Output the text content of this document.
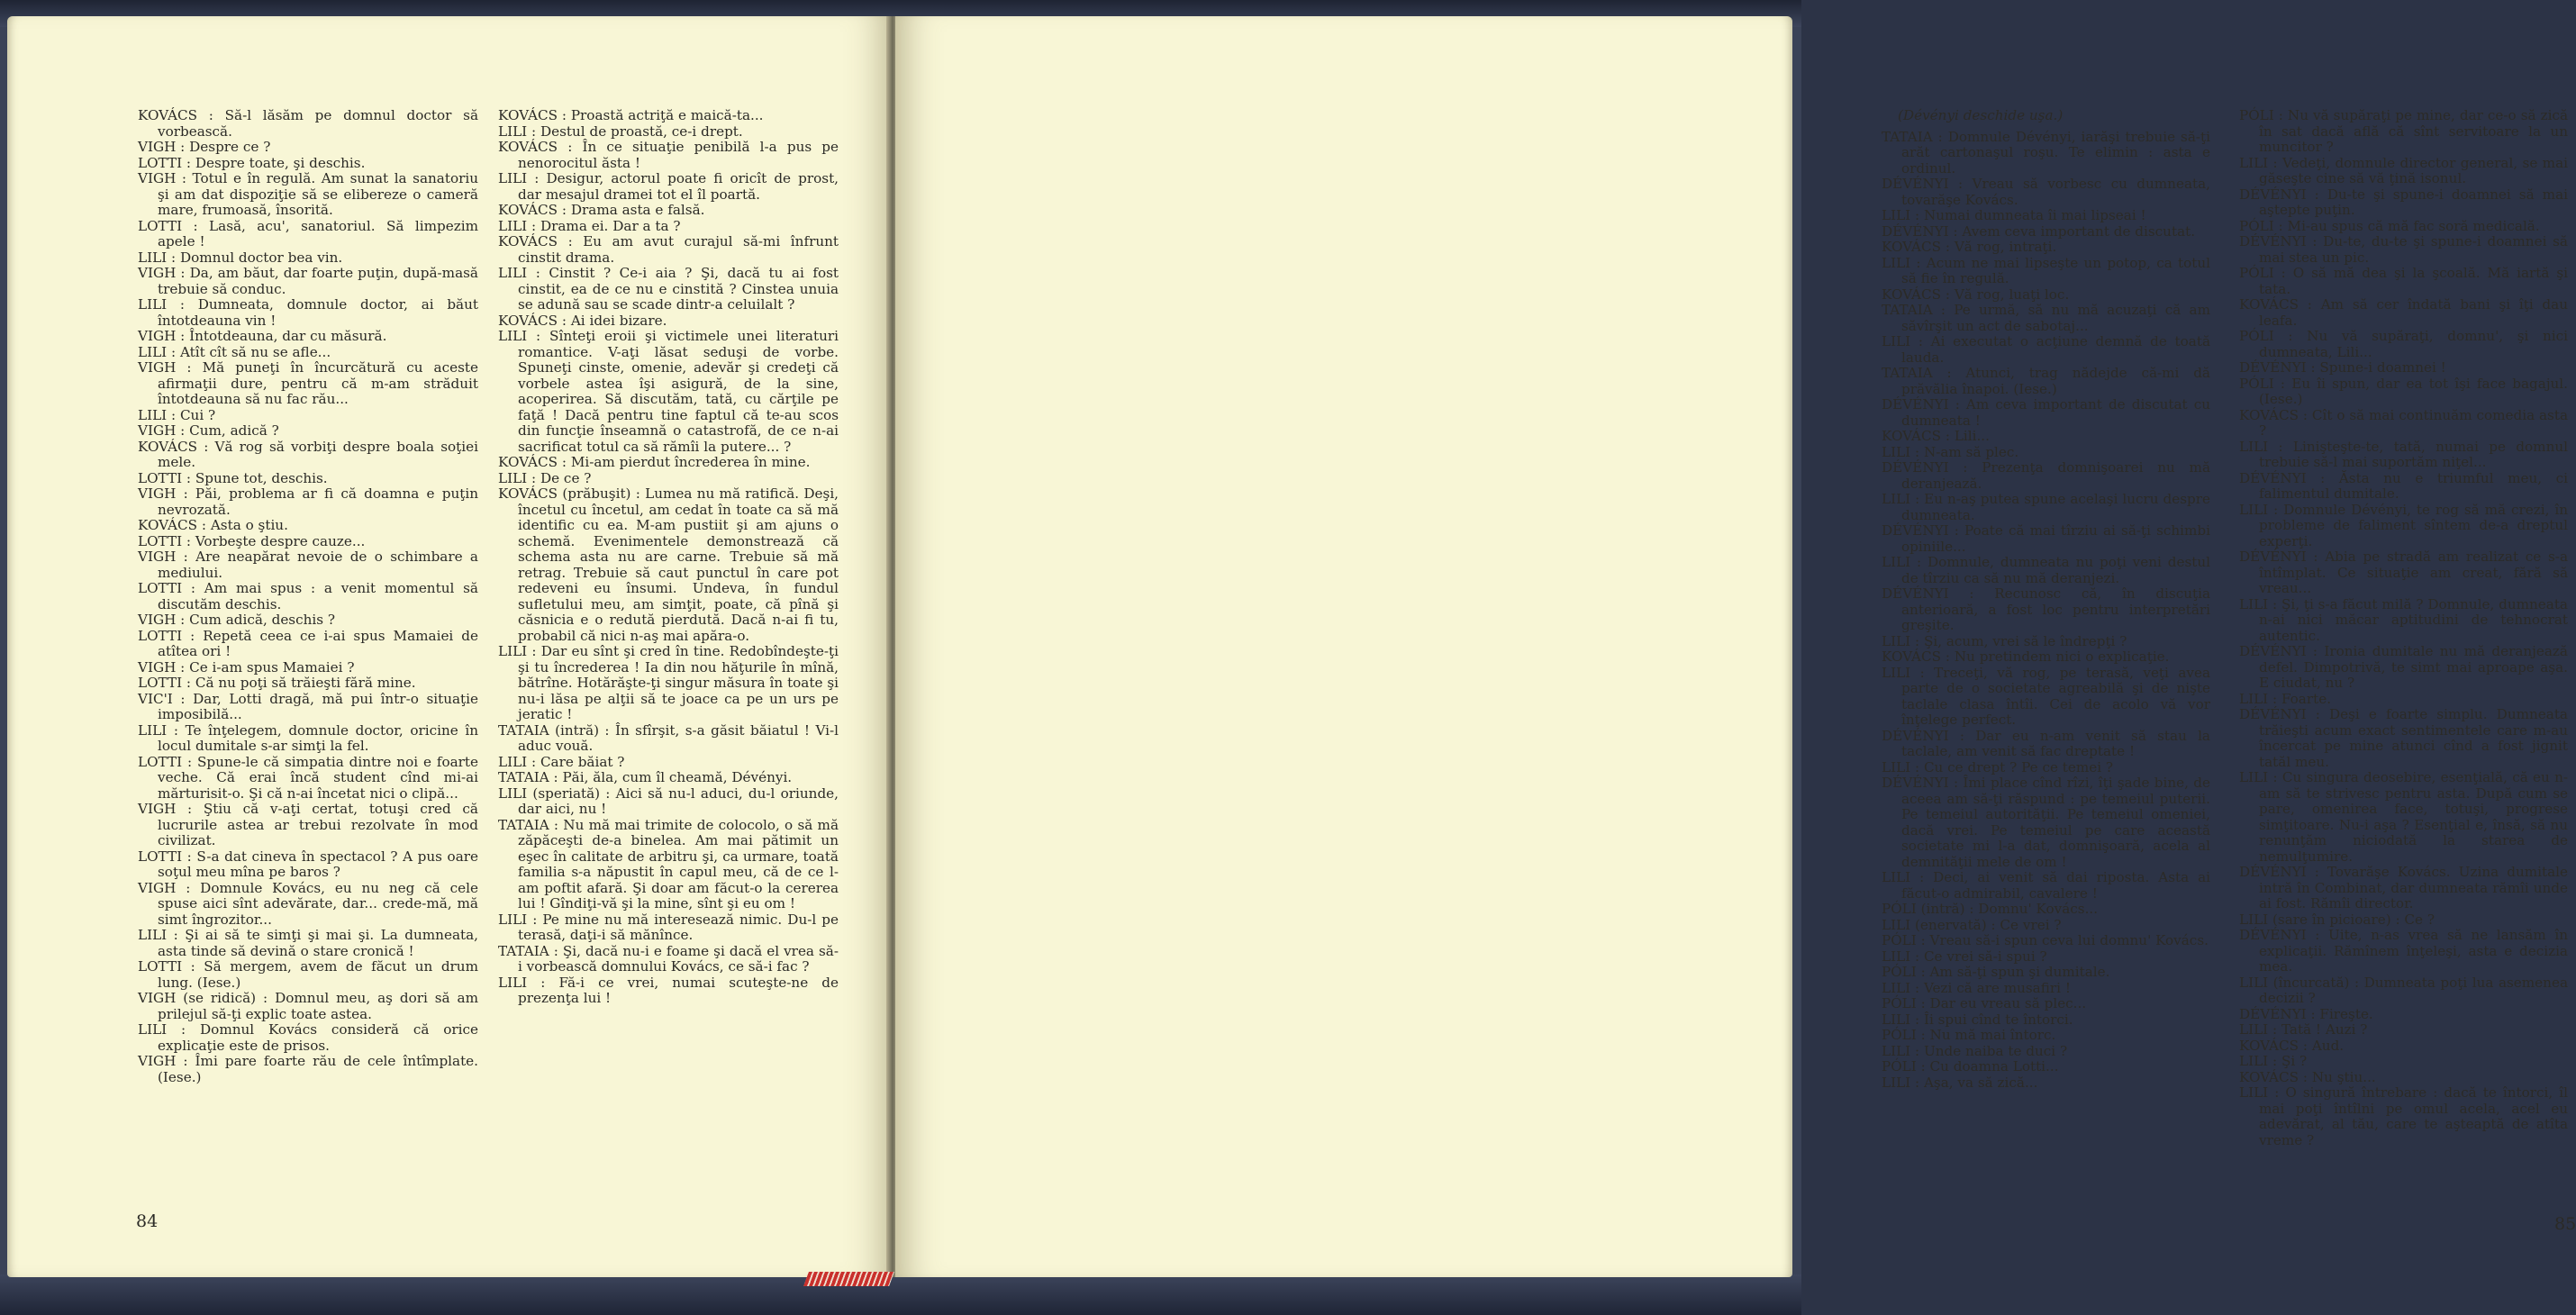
KOVÁCS : Să-l lăsăm pe domnul doctor să vorbească.

VIGH : Despre ce ?

LOTTI : Despre toate, şi deschis.

VIGH : Totul e în regulă. Am sunat la sanatoriu şi am dat dispoziţie să se elibereze o cameră mare, frumoasă, însorită.

LOTTI : Lasă, acu', sanatoriul. Să limpezim apele !

LILI : Domnul doctor bea vin.

VIGH : Da, am băut, dar foarte puţin, după-masă trebuie să conduc.

LILI : Dumneata, domnule doctor, ai băut întotdeauna vin !

VIGH : Întotdeauna, dar cu măsură.

LILI : Atît cît să nu se afle...

VIGH : Mă puneţi în încurcătură cu aceste afirmaţii dure, pentru că m-am străduit întotdeauna să nu fac rău...

LILI : Cui ?

VIGH : Cum, adică ?

KOVÁCS : Vă rog să vorbiţi despre boala soţiei mele.

LOTTI : Spune tot, deschis.

VIGH : Păi, problema ar fi că doamna e puţin nevrozată.

KOVÁCS : Asta o ştiu.

LOTTI : Vorbeşte despre cauze...

VIGH : Are neapărat nevoie de o schimbare a mediului.

LOTTI : Am mai spus : a venit momentul să discutăm deschis.

VIGH : Cum adică, deschis ?

LOTTI : Repetă ceea ce i-ai spus Mamaiei de atîtea ori !

VIGH : Ce i-am spus Mamaiei ?

LOTTI : Că nu poţi să trăieşti fără mine.

VIC'I : Dar, Lotti dragă, mă pui într-o situaţie imposibilă...

LILI : Te înţelegem, domnule doctor, oricine în locul dumitale s-ar simţi la fel.

LOTTI : Spune-le că simpatia dintre noi e foarte veche. Că erai încă student cînd mi-ai mărturisit-o. Şi că n-ai încetat nici o clipă...

VIGH : Ştiu că v-aţi certat, totuşi cred că lucrurile astea ar trebui rezolvate în mod civilizat.

LOTTI : S-a dat cineva în spectacol ? A pus oare soţul meu mîna pe baros ?

VIGH : Domnule Kovács, eu nu neg că cele spuse aici sînt adevărate, dar... crede-mă, mă simt îngrozitor...

LILI : Şi ai să te simţi şi mai şi. La dumneata, asta tinde să devină o stare cronică !

LOTTI : Să mergem, avem de făcut un drum lung. (Iese.)

VIGH (se ridică) : Domnul meu, aş dori să am prilejul să-ţi explic toate astea.

LILI : Domnul Kovács consideră că orice explicaţie este de prisos.

VIGH : Îmi pare foarte rău de cele întîmplate. (Iese.)

KOVÁCS : Proastă actriţă e maică-ta...

LILI : Destul de proastă, ce-i drept.

KOVÁCS : În ce situaţie penibilă l-a pus pe nenorocitul ăsta !

LILI : Desigur, actorul poate fi oricît de prost, dar mesajul dramei tot el îl poartă.

KOVÁCS : Drama asta e falsă.

LILI : Drama ei. Dar a ta ?

KOVÁCS : Eu am avut curajul să-mi înfrunt cinstit drama.

LILI : Cinstit ? Ce-i aia ? Şi, dacă tu ai fost cinstit, ea de ce nu e cinstită ? Cinstea unuia se adună sau se scade dintr-a celuilalt ?

KOVÁCS : Ai idei bizare.

LILI : Sînteţi eroii şi victimele unei literaturi romantice. V-aţi lăsat seduşi de vorbe. Spuneţi cinste, omenie, adevăr şi credeţi că vorbele astea îşi asigură, de la sine, acoperirea. Să discutăm, tată, cu cărţile pe faţă ! Dacă pentru tine faptul că te-au scos din funcţie înseamnă o catastrofă, de ce n-ai sacrificat totul ca să rămîi la putere... ?

KOVÁCS : Mi-am pierdut încrederea în mine.

LILI : De ce ?

KOVÁCS (prăbuşit) : Lumea nu mă ratifică. Deşi, încetul cu încetul, am cedat în toate ca să mă identific cu ea. M-am pustiit şi am ajuns o schemă. Evenimentele demonstrează că schema asta nu are carne. Trebuie să mă retrag. Trebuie să caut punctul în care pot redeveni eu însumi. Undeva, în fundul sufletului meu, am simţit, poate, că pînă şi căsnicia e o redută pierdută. Dacă n-ai fi tu, probabil că nici n-aş mai apăra-o.

LILI : Dar eu sînt şi cred în tine. Redobîndeşte-ţi şi tu încrederea ! Ia din nou hăţurile în mînă, bătrîne. Hotărăşte-ţi singur măsura în toate şi nu-i lăsa pe alţii să te joace ca pe un urs pe jeratic !

TATAIA (intră) : În sfîrşit, s-a găsit băiatul ! Vi-l aduc vouă.

LILI : Care băiat ?

TATAIA : Păi, ăla, cum îl cheamă, Dévényi.

LILI (speriată) : Aici să nu-l aduci, du-l oriunde, dar aici, nu !

TATAIA : Nu mă mai trimite de colocolo, o să mă zăpăceşti de-a binelea. Am mai pătimit un eşec în calitate de arbitru şi, ca urmare, toată familia s-a năpustit în capul meu, că de ce l-am poftit afară. Şi doar am făcut-o la cererea lui ! Gîndiţi-vă şi la mine, sînt şi eu om !

LILI : Pe mine nu mă interesează nimic. Du-l pe terasă, daţi-i să mănînce.

TATAIA : Şi, dacă nu-i e foame şi dacă el vrea să-i vorbească domnului Kovács, ce să-i fac ?

LILI : Fă-i ce vrei, numai scuteşte-ne de prezenţa lui !

84

(Dévényi deschide uşa.)

TATAIA : Domnule Dévényi, iarăşi trebuie să-ţi arăt cartonaşul roşu. Te elimin : asta e ordinul.

DÉVÉNYI : Vreau să vorbesc cu dumneata, tovarăşe Kovács.

LILI : Numai dumneata îi mai lipseai !

DÉVÉNYI : Avem ceva important de discutat.

KOVÁCS : Vă rog, intraţi.

LILI : Acum ne mai lipseşte un potop, ca totul să fie în regulă.

KOVÁCS : Vă rog, luaţi loc.

TATAIA : Pe urmă, să nu mă acuzaţi că am săvîrşit un act de sabotaj...

LILI : Ai executat o acţiune demnă de toată lauda.

TATAIA : Atunci, trag nădejde că-mi dă prăvălia înapoi. (Iese.)

DÉVÉNYI : Am ceva important de discutat cu dumneata !

KOVÁCS : Lili...

LILI : N-am să plec.

DÉVÉNYI : Prezenţa domnişoarei nu mă deranjează.

LILI : Eu n-aş putea spune acelaşi lucru despre dumneata.

DÉVÉNYI : Poate că mai tîrziu ai să-ţi schimbi opiniile...

LILI : Domnule, dumneata nu poţi veni destul de tîrziu ca să nu mă deranjezi.

DÉVÉNYI : Recunosc că, în discuţia anterioară, a fost loc pentru interpretări greşite.

LILI : Şi, acum, vrei să le îndrepţi ?

KOVÁCS : Nu pretindem nici o explicaţie.

LILI : Treceţi, vă rog, pe terasă, veţi avea parte de o societate agreabilă şi de nişte taclale clasa întîi. Cei de acolo vă vor înţelege perfect.

DÉVÉNYI : Dar eu n-am venit să stau la taclale, am venit să fac dreptate !

LILI : Cu ce drept ? Pe ce temei ?

DÉVÉNYI : Îmi place cînd rîzi, îţi şade bine, de aceea am să-ţi răspund : pe temeiul puterii. Pe temeiul autorităţii. Pe temeiul omeniei, dacă vrei. Pe temeiul pe care această societate mi l-a dat, domnişoară, acela al demnităţii mele de om !

LILI : Deci, ai venit să dai riposta. Asta ai făcut-o admirabil, cavalere !

PÓLI (intră) : Domnu' Kovács...

LILI (enervată) : Ce vrei ?

PÓLI : Vreau să-i spun ceva lui domnu' Kovács.

LILI : Ce vrei să-i spui ?

PÓLI : Am să-ţi spun şi dumitale.

LILI : Vezi că are musafiri !

PÓLI : Dar eu vreau să plec...

LILI : Îi spui cînd te întorci.

PÓLI : Nu mă mai întorc.

LILI : Unde naiba te duci ?

PÓLI : Cu doamna Lotti...

LILI : Aşa, va să zică...

PÓLI : Nu vă supăraţi pe mine, dar ce-o să zică în sat dacă află că sînt servitoare la un muncitor ?

LILI : Vedeţi, domnule director general, se mai găseşte cine să vă ţină isonul.

DÉVÉNYI : Du-te şi spune-i doamnei să mai aştepte puţin.

PÓLI : Mi-au spus că mă fac soră medicală.

DÉVÉNYI : Du-te, du-te şi spune-i doamnei să mai stea un pic.

PÓLI : O să mă dea şi la şcoală. Mă iartă şi tata.

KOVÁCS : Am să cer îndată bani şi îţi dau leafa.

PÓLI : Nu vă supăraţi, domnu', şi nici dumneata, Lili...

DÉVÉNYI : Spune-i doamnei !

PÓLI : Eu îi spun, dar ea tot îşi face bagajul. (Iese.)

KOVÁCS : Cît o să mai continuăm comedia asta ?

LILI : Linişteşte-te, tată, numai pe domnul trebuie să-l mai suportăm niţel...

DÉVÉNYI : Ăsta nu e triumful meu, ci falimentul dumitale.

LILI : Domnule Dévényi, te rog să mă crezi, în probleme de faliment sîntem de-a dreptul experţi.

DÉVÉNYI : Abia pe stradă am realizat ce s-a întîmplat. Ce situaţie am creat, fără să vreau...

LILI : Şi, ţi s-a făcut milă ? Domnule, dumneata n-ai nici măcar aptitudini de tehnocrat autentic.

DÉVÉNYI : Ironia dumitale nu mă deranjează defel. Dimpotrivă, te simt mai aproape aşa. E ciudat, nu ?

LILI : Foarte.

DÉVÉNYI : Deşi e foarte simplu. Dumneata trăieşti acum exact sentimentele care m-au încercat pe mine atunci cînd a fost jignit tatăl meu.

LILI : Cu singura deosebire, esenţială, că eu n-am să te strivesc pentru asta. După cum se pare, omenirea face, totuşi, progrese simţitoare. Nu-i aşa ? Esenţial e, însă, să nu renunţăm niciodată la starea de nemulţumire.

DÉVÉNYI : Tovarăşe Kovács. Uzina dumitale intră în Combinat, dar dumneata rămîi unde ai fost. Rămîi director.

LILI (sare în picioare) : Ce ?

DÉVÉNYI : Uite, n-as vrea să ne lansăm în explicaţii. Rămînem înţeleşi, asta e decizia mea.

LILI (încurcată) : Dumneata poţi lua asemenea decizii ?

DÉVÉNYI : Fireşte.

LILI : Tată ! Auzi ?

KOVÁCS : Aud.

LILI : Şi ?

KOVÁCS : Nu ştiu...

LILI : O singură întrebare : dacă te întorci, îl mai poţi întîlni pe omul acela, acel eu adevărat, al tău, care te aşteaptă de atîta vreme ?

85
